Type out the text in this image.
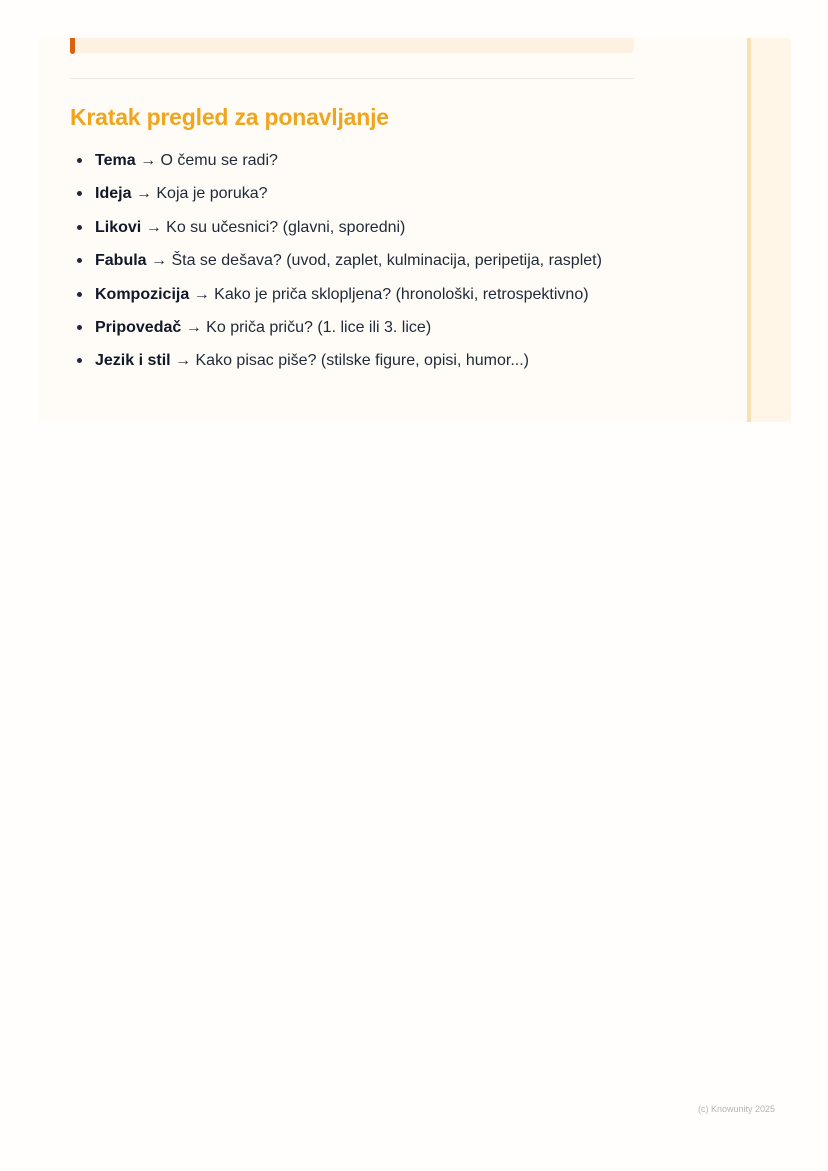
Kratak pregled za ponavljanje
Tema → O čemu se radi?
Ideja → Koja je poruka?
Likovi → Ko su učesnici? (glavni, sporedni)
Fabula → Šta se dešava? (uvod, zaplet, kulminacija, peripetija, rasplet)
Kompozicija → Kako je priča sklopljena? (hronološki, retrospektivno)
Pripovedač → Ko priča priču? (1. lice ili 3. lice)
Jezik i stil → Kako pisac piše? (stilske figure, opisi, humor...)
(c) Knowunity 2025
